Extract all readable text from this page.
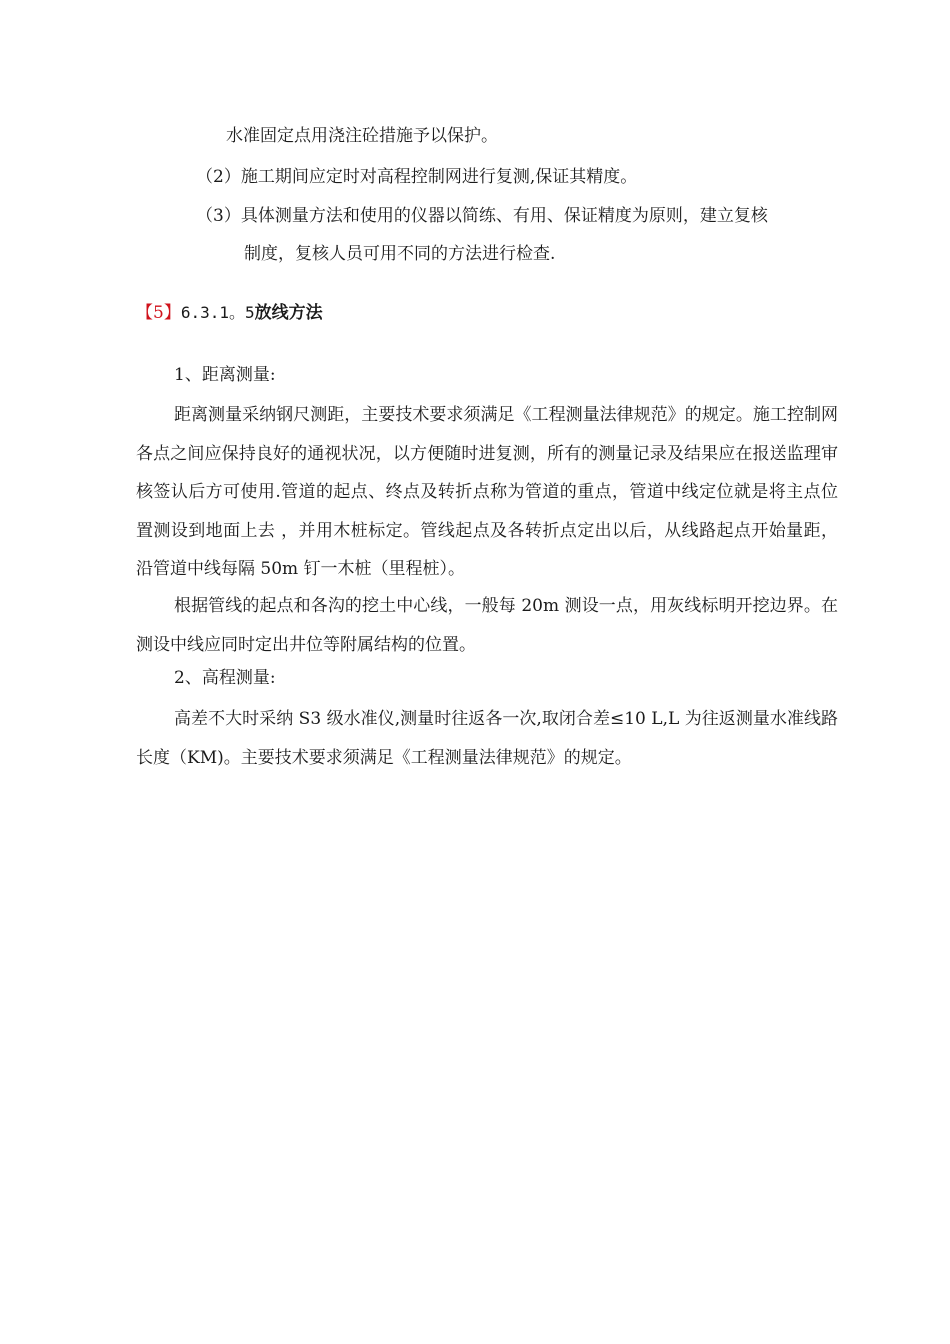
水准固定点用浇注砼措施予以保护。
（2）施工期间应定时对高程控制网进行复测,保证其精度。
（3）具体测量方法和使用的仪器以简练、有用、保证精度为原则，建立复核
制度，复核人员可用不同的方法进行检查.
【5】6.3.1。5放线方法
1、距离测量:

距离测量采纳钢尺测距，主要技术要求须满足《工程测量法律规范》的规定。施工控制网各点之间应保持良好的通视状况，以方便随时进复测，所有的测量记录及结果应在报送监理审核签认后方可使用.管道的起点、终点及转折点称为管道的重点，管道中线定位就是将主点位置测设到地面上去 ，并用木桩标定。管线起点及各转折点定出以后，从线路起点开始量距，沿管道中线每隔 50m 钉一木桩（里程桩）。

根据管线的起点和各沟的挖土中心线，一般每 20m 测设一点，用灰线标明开挖边界。在测设中线应同时定出井位等附属结构的位置。

2、高程测量:

高差不大时采纳 S3 级水准仪,测量时往返各一次,取闭合差≤10 L,L 为往返测量水准线路长度（KM)。主要技术要求须满足《工程测量法律规范》的规定。
